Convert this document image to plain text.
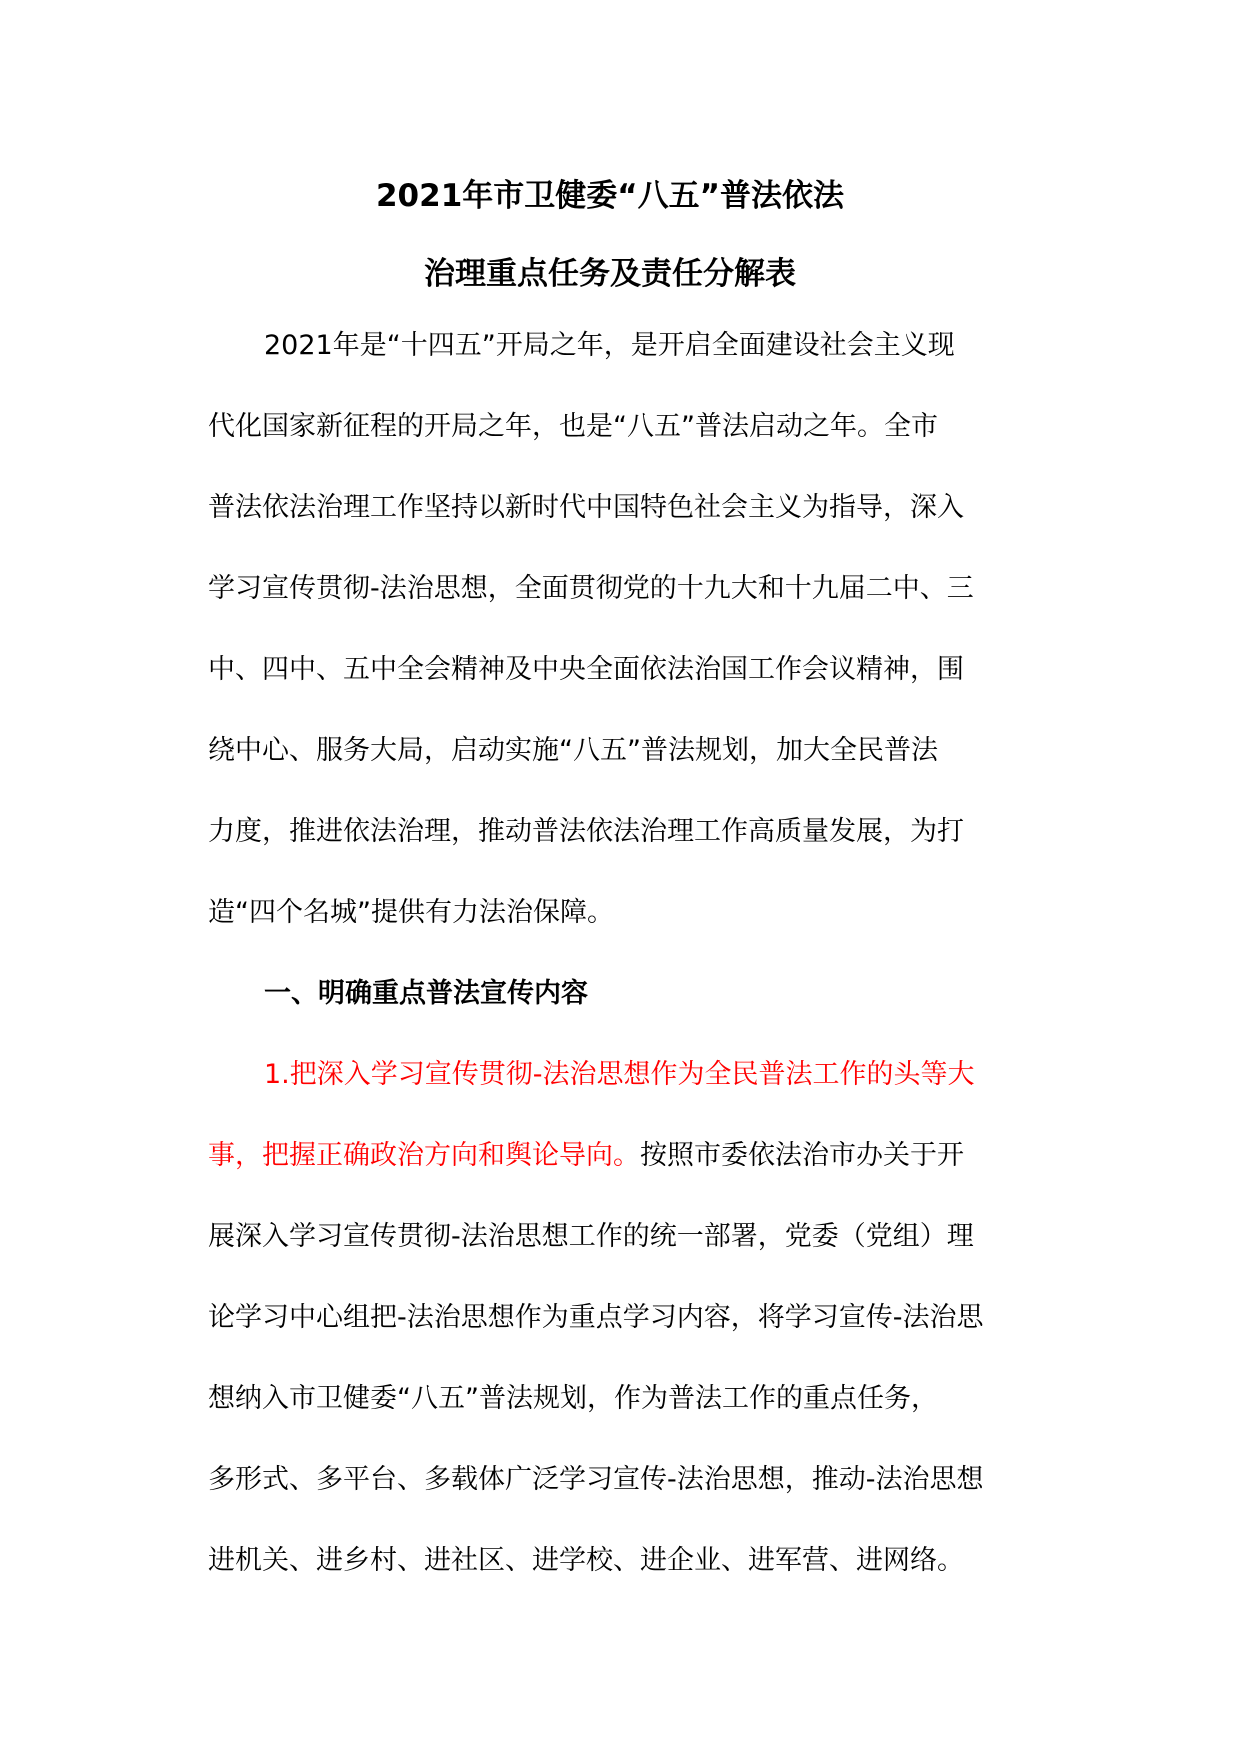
2021年市卫健委“八五”普法依法
治理重点任务及责任分解表
2021年是“十四五”开局之年，是开启全面建设社会主义现
代化国家新征程的开局之年，也是“八五”普法启动之年。全市
普法依法治理工作坚持以新时代中国特色社会主义为指导，深入
学习宣传贯彻-法治思想，全面贯彻党的十九大和十九届二中、三
中、四中、五中全会精神及中央全面依法治国工作会议精神，围
绕中心、服务大局，启动实施“八五”普法规划，加大全民普法
力度，推进依法治理，推动普法依法治理工作高质量发展，为打
造“四个名城”提供有力法治保障。
一、明确重点普法宣传内容
1.把深入学习宣传贯彻-法治思想作为全民普法工作的头等大
事，把握正确政治方向和舆论导向。按照市委依法治市办关于开
展深入学习宣传贯彻-法治思想工作的统一部署，党委（党组）理
论学习中心组把-法治思想作为重点学习内容，将学习宣传-法治思
想纳入市卫健委“八五”普法规划，作为普法工作的重点任务，
多形式、多平台、多载体广泛学习宣传-法治思想，推动-法治思想
进机关、进乡村、进社区、进学校、进企业、进军营、进网络。
